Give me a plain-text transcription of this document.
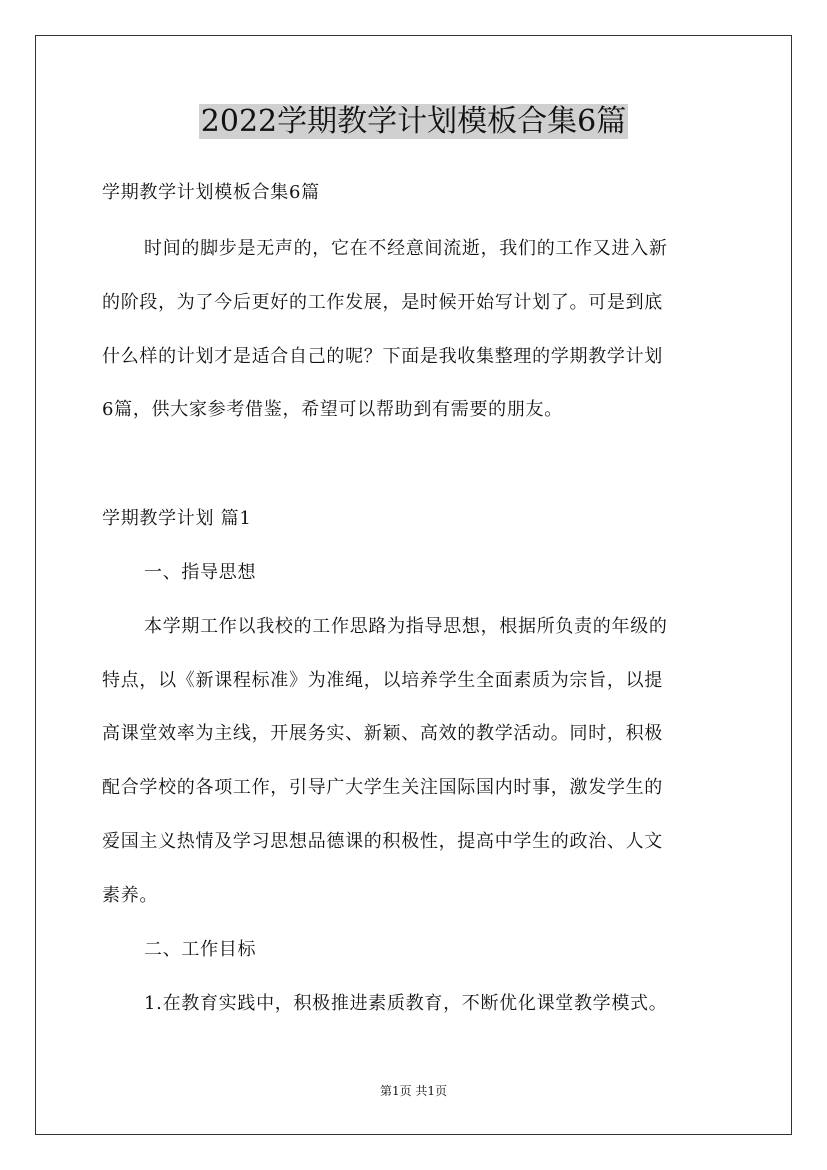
2022学期教学计划模板合集6篇
学期教学计划模板合集6篇
时间的脚步是无声的，它在不经意间流逝，我们的工作又进入新
的阶段，为了今后更好的工作发展，是时候开始写计划了。可是到底
什么样的计划才是适合自己的呢？下面是我收集整理的学期教学计划
6篇，供大家参考借鉴，希望可以帮助到有需要的朋友。
学期教学计划 篇1
一、指导思想
本学期工作以我校的工作思路为指导思想，根据所负责的年级的
特点，以《新课程标准》为准绳，以培养学生全面素质为宗旨，以提
高课堂效率为主线，开展务实、新颖、高效的教学活动。同时，积极
配合学校的各项工作，引导广大学生关注国际国内时事，激发学生的
爱国主义热情及学习思想品德课的积极性，提高中学生的政治、人文
素养。
二、工作目标
1.在教育实践中，积极推进素质教育，不断优化课堂教学模式。
第1页 共1页
